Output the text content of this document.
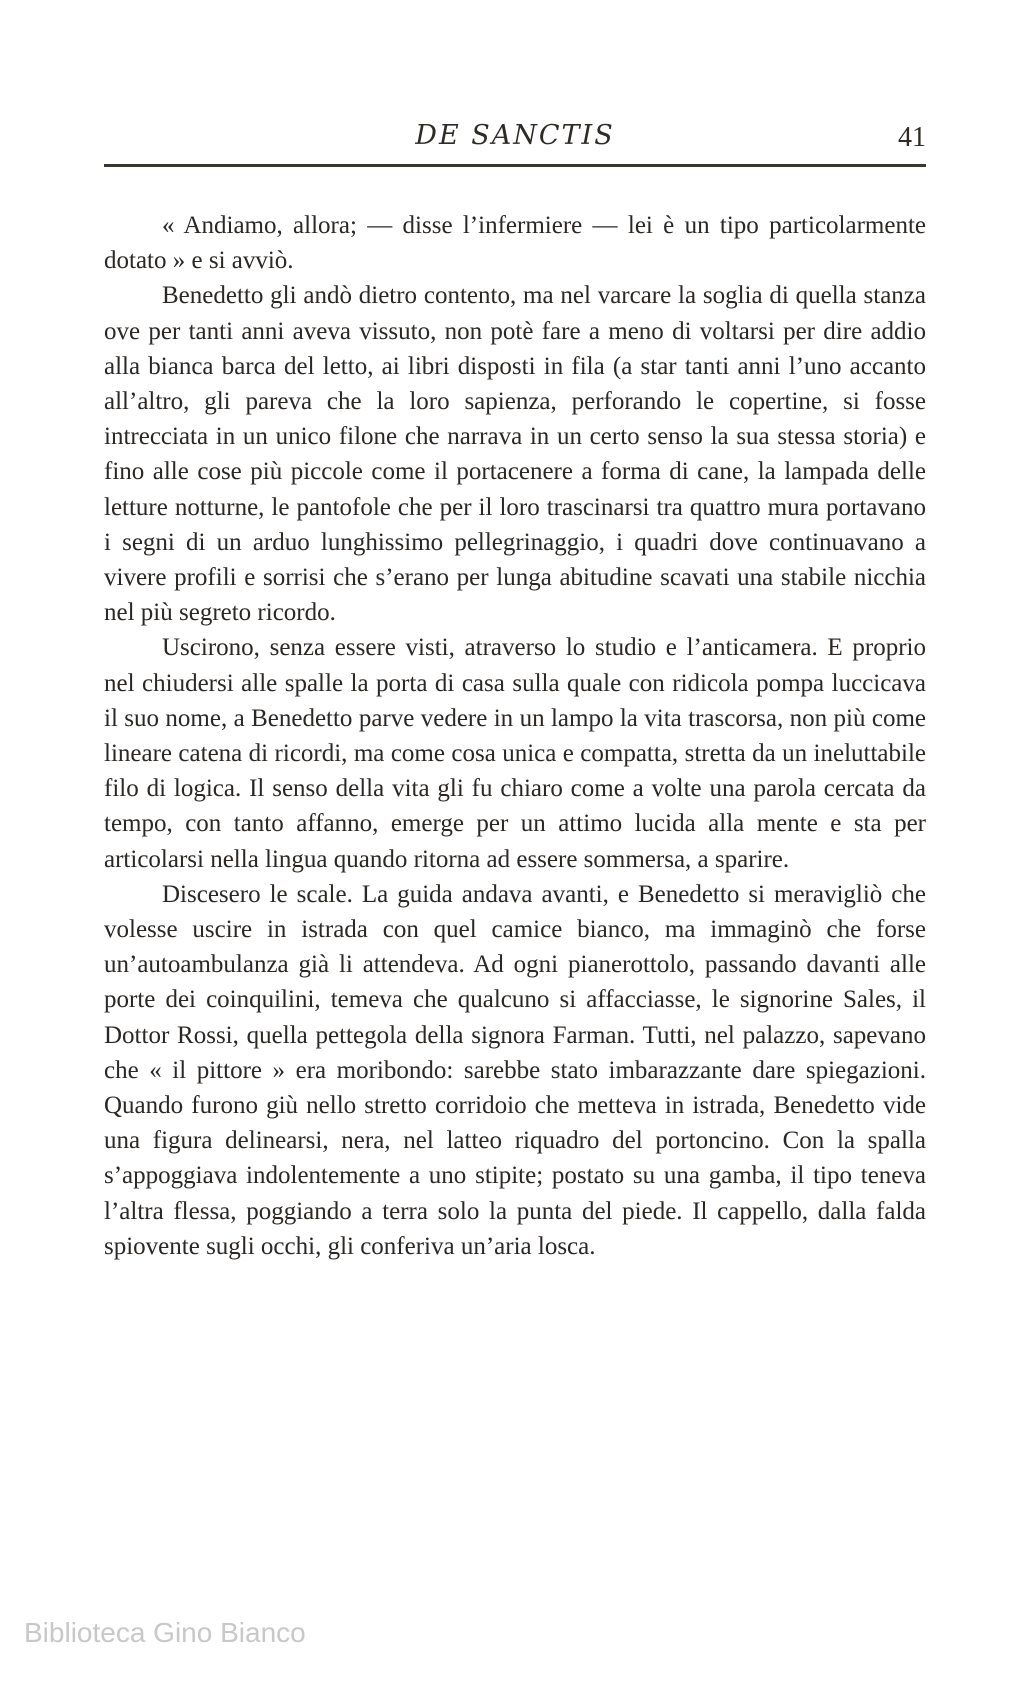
DE SANCTIS	41

« Andiamo, allora; — disse l’infermiere — lei è un tipo particolarmente dotato » e si avviò.

Benedetto gli andò dietro contento, ma nel varcare la soglia di quella stanza ove per tanti anni aveva vissuto, non potè fare a meno di voltarsi per dire addio alla bianca barca del letto, ai libri disposti in fila (a star tanti anni l’uno accanto all’altro, gli pareva che la loro sapienza, perforando le copertine, si fosse intrecciata in un unico filone che narrava in un certo senso la sua stessa storia) e fino alle cose più piccole come il portacenere a forma di cane, la lampada delle letture notturne, le pantofole che per il loro trascinarsi tra quattro mura portavano i segni di un arduo lunghissimo pellegrinaggio, i quadri dove continuavano a vivere profili e sorrisi che s’erano per lunga abitudine scavati una stabile nicchia nel più segreto ricordo.

Uscirono, senza essere visti, atraverso lo studio e l’anticamera. E proprio nel chiudersi alle spalle la porta di casa sulla quale con ridicola pompa luccicava il suo nome, a Benedetto parve vedere in un lampo la vita trascorsa, non più come lineare catena di ricordi, ma come cosa unica e compatta, stretta da un ineluttabile filo di logica. Il senso della vita gli fu chiaro come a volte una parola cercata da tempo, con tanto affanno, emerge per un attimo lucida alla mente e sta per articolarsi nella lingua quando ritorna ad essere sommersa, a sparire.

Discesero le scale. La guida andava avanti, e Benedetto si meravigliò che volesse uscire in istrada con quel camice bianco, ma immaginò che forse un’autoambulanza già li attendeva. Ad ogni pianerottolo, passando davanti alle porte dei coinquilini, temeva che qualcuno si affacciasse, le signorine Sales, il Dottor Rossi, quella pettegola della signora Farman. Tutti, nel palazzo, sapevano che « il pittore » era moribondo: sarebbe stato imbarazzante dare spiegazioni. Quando furono giù nello stretto corridoio che metteva in istrada, Benedetto vide una figura delinearsi, nera, nel latteo riquadro del portoncino. Con la spalla s’appoggiava indolentemente a uno stipite; postato su una gamba, il tipo teneva l’altra flessa, poggiando a terra solo la punta del piede. Il cappello, dalla falda spiovente sugli occhi, gli conferiva un’aria losca.

Biblioteca Gino Bianco
